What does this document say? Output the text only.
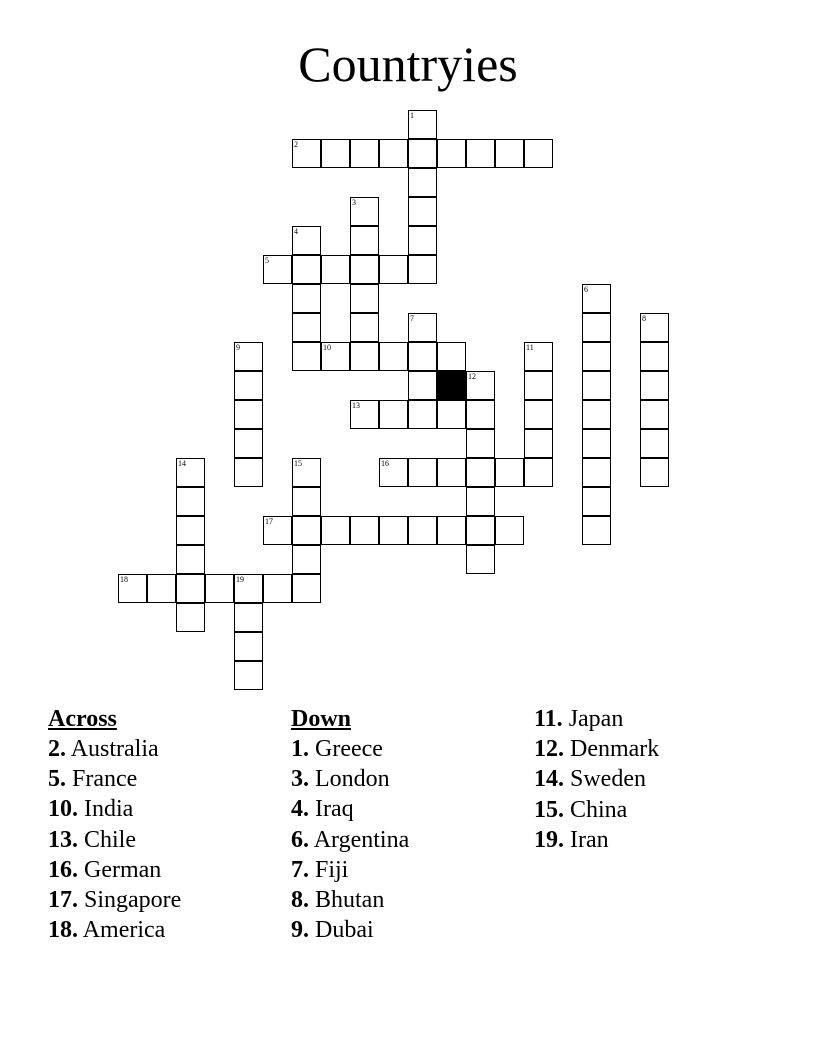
Countryies
2
5
10
13
16
17
18	19
1
3
4
6
7	8
9	11
12
14	15
Across
2. Australia
5. France
10. India
13. Chile
16. German
17. Singapore
18. America
Down
1. Greece
3. London
4. Iraq
6. Argentina
7. Fiji
8. Bhutan
9. Dubai
11. Japan
12. Denmark
14. Sweden
15. China
19. Iran
